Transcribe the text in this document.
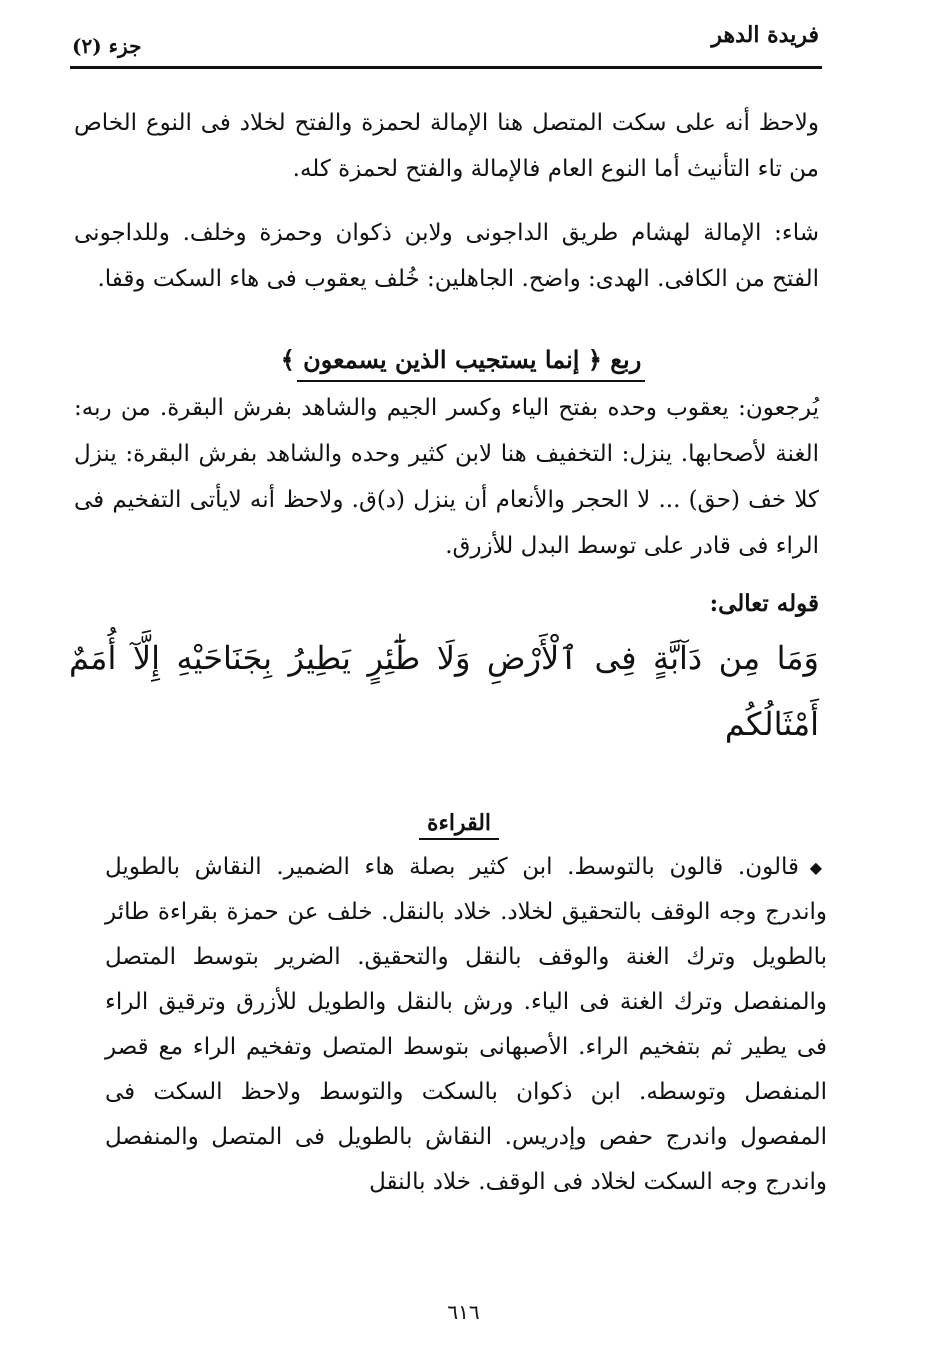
فريدة الدهر
جزء (٢)

ولاحظ أنه على سكت المتصل هنا الإمالة لحمزة والفتح لخلاد فى النوع الخاص من تاء التأنيث أما النوع العام فالإمالة والفتح لحمزة كله.

شاء: الإمالة لهشام طريق الداجونى ولابن ذكوان وحمزة وخلف. وللداجونى الفتح من الكافى. الهدى: واضح. الجاهلين: خُلف يعقوب فى هاء السكت وقفا.

ربع ﴿ إنما يستجيب الذين يسمعون ﴾

يُرجعون: يعقوب وحده بفتح الياء وكسر الجيم والشاهد بفرش البقرة. من ربه: الغنة لأصحابها. ينزل: التخفيف هنا لابن كثير وحده والشاهد بفرش البقرة: ينزل كلا خف (حق) ... لا الحجر والأنعام أن ينزل (د)ق. ولاحظ أنه لايأتى التفخيم فى الراء فى قادر على توسط البدل للأزرق.

قوله تعالى:
وَمَا مِن دَآبَّةٍ فِى ٱلْأَرْضِ وَلَا طَٰٓئِرٍ يَطِيرُ بِجَنَاحَيْهِ إِلَّآ أُمَمٌ أَمْثَالُكُم
القراءة
◆

قالون. قالون بالتوسط. ابن كثير بصلة هاء الضمير. النقاش بالطويل واندرج وجه الوقف بالتحقيق لخلاد. خلاد بالنقل. خلف عن حمزة بقراءة طائر بالطويل وترك الغنة والوقف بالنقل والتحقيق. الضرير بتوسط المتصل والمنفصل وترك الغنة فى الياء. ورش بالنقل والطويل للأزرق وترقيق الراء فى يطير ثم بتفخيم الراء. الأصبهانى بتوسط المتصل وتفخيم الراء مع قصر المنفصل وتوسطه. ابن ذكوان بالسكت والتوسط ولاحظ السكت فى المفصول واندرج حفص وإدريس. النقاش بالطويل فى المتصل والمنفصل واندرج وجه السكت لخلاد فى الوقف. خلاد بالنقل

٦١٦
